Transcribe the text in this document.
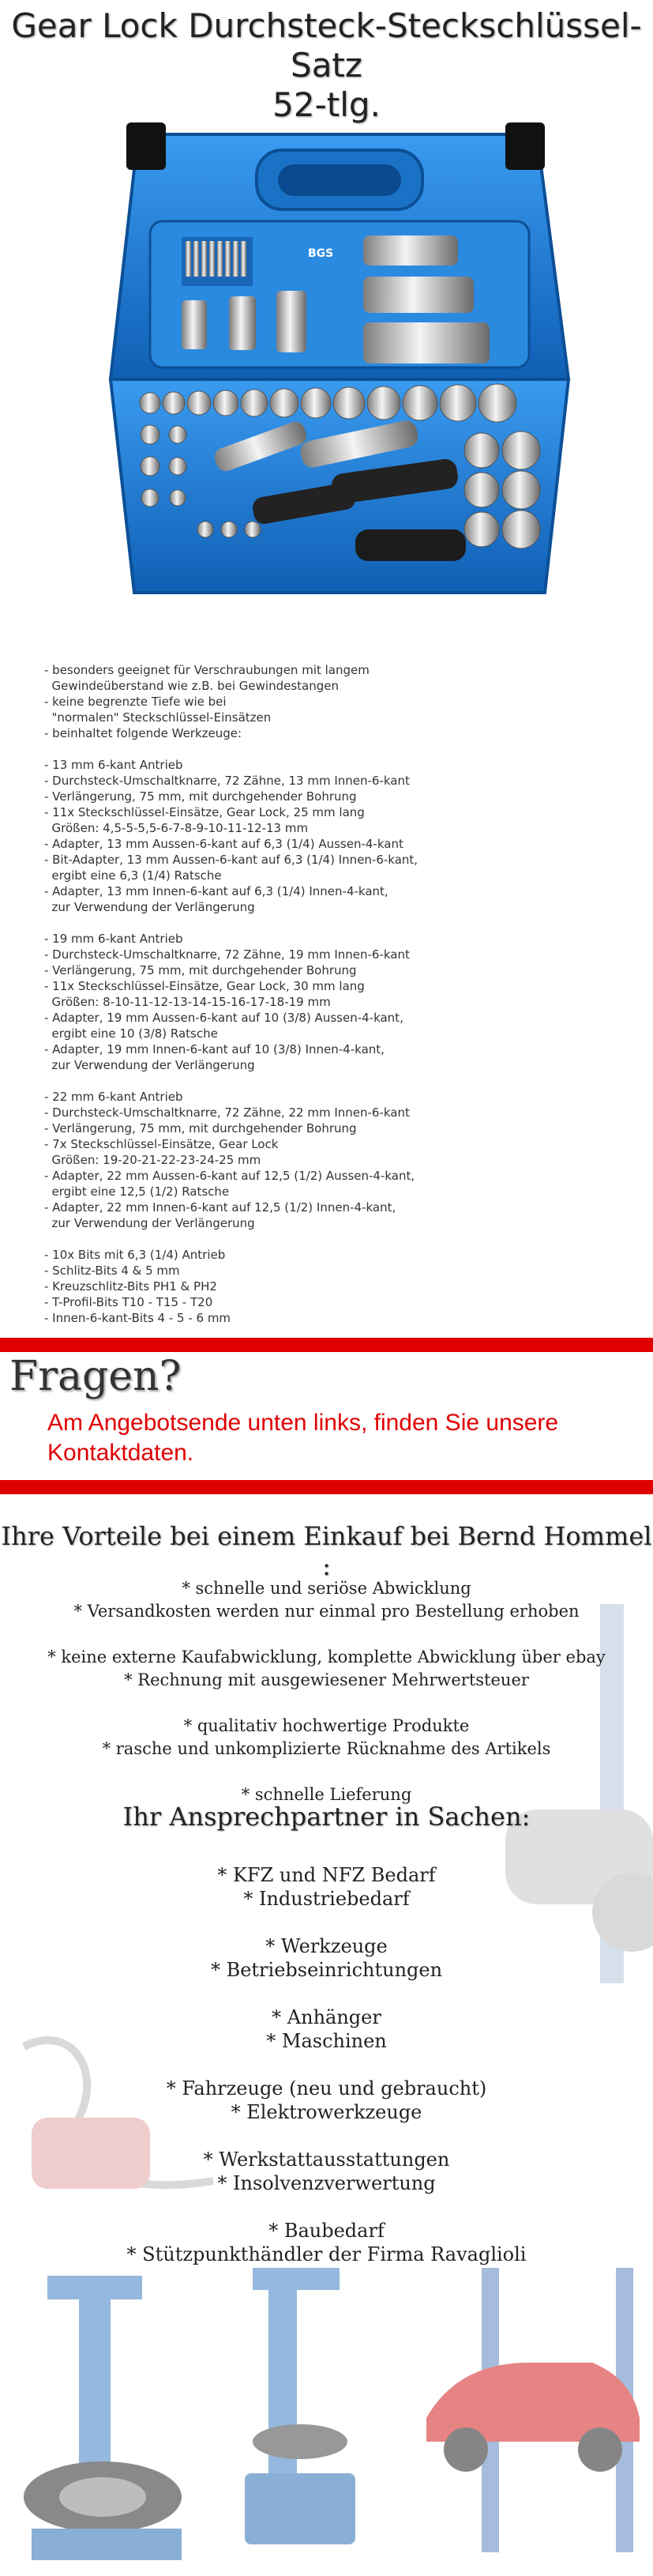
Gear Lock Durchsteck-Steckschlüssel-Satz
52-tlg.
BGS
- besonders geeignet für Verschraubungen mit langem
Gewindeüberstand wie z.B. bei Gewindestangen
- keine begrenzte Tiefe wie bei
"normalen" Steckschlüssel-Einsätzen
- beinhaltet folgende Werkzeuge:

- 13 mm 6-kant Antrieb
- Durchsteck-Umschaltknarre, 72 Zähne, 13 mm Innen-6-kant
- Verlängerung, 75 mm, mit durchgehender Bohrung
- 11x Steckschlüssel-Einsätze, Gear Lock, 25 mm lang
Größen: 4,5-5-5,5-6-7-8-9-10-11-12-13 mm
- Adapter, 13 mm Aussen-6-kant auf 6,3 (1/4) Aussen-4-kant
- Bit-Adapter, 13 mm Aussen-6-kant auf 6,3 (1/4) Innen-6-kant,
ergibt eine 6,3 (1/4) Ratsche
- Adapter, 13 mm Innen-6-kant auf 6,3 (1/4) Innen-4-kant,
zur Verwendung der Verlängerung

- 19 mm 6-kant Antrieb
- Durchsteck-Umschaltknarre, 72 Zähne, 19 mm Innen-6-kant
- Verlängerung, 75 mm, mit durchgehender Bohrung
- 11x Steckschlüssel-Einsätze, Gear Lock, 30 mm lang
Größen: 8-10-11-12-13-14-15-16-17-18-19 mm
- Adapter, 19 mm Aussen-6-kant auf 10 (3/8) Aussen-4-kant,
ergibt eine 10 (3/8) Ratsche
- Adapter, 19 mm Innen-6-kant auf 10 (3/8) Innen-4-kant,
zur Verwendung der Verlängerung

- 22 mm 6-kant Antrieb
- Durchsteck-Umschaltknarre, 72 Zähne, 22 mm Innen-6-kant
- Verlängerung, 75 mm, mit durchgehender Bohrung
- 7x Steckschlüssel-Einsätze, Gear Lock
Größen: 19-20-21-22-23-24-25 mm
- Adapter, 22 mm Aussen-6-kant auf 12,5 (1/2) Aussen-4-kant,
ergibt eine 12,5 (1/2) Ratsche
- Adapter, 22 mm Innen-6-kant auf 12,5 (1/2) Innen-4-kant,
zur Verwendung der Verlängerung

- 10x Bits mit 6,3 (1/4) Antrieb
- Schlitz-Bits 4 & 5 mm
- Kreuzschlitz-Bits PH1 & PH2
- T-Profil-Bits T10 - T15 - T20
- Innen-6-kant-Bits 4 - 5 - 6 mm
Fragen?
Am Angebotsende unten links, finden Sie unsere Kontaktdaten.
Ihre Vorteile bei einem Einkauf bei Bernd Hommel :
* schnelle und seriöse Abwicklung
* Versandkosten werden nur einmal pro Bestellung erhoben

* keine externe Kaufabwicklung, komplette Abwicklung über ebay
* Rechnung mit ausgewiesener Mehrwertsteuer

* qualitativ hochwertige Produkte
* rasche und unkomplizierte Rücknahme des Artikels

* schnelle Lieferung
Ihr Ansprechpartner in Sachen:
* KFZ und NFZ Bedarf
* Industriebedarf

* Werkzeuge
* Betriebseinrichtungen

* Anhänger
* Maschinen

* Fahrzeuge (neu und gebraucht)
* Elektrowerkzeuge

* Werkstattausstattungen
* Insolvenzverwertung

* Baubedarf
* Stützpunkthändler der Firma Ravaglioli
